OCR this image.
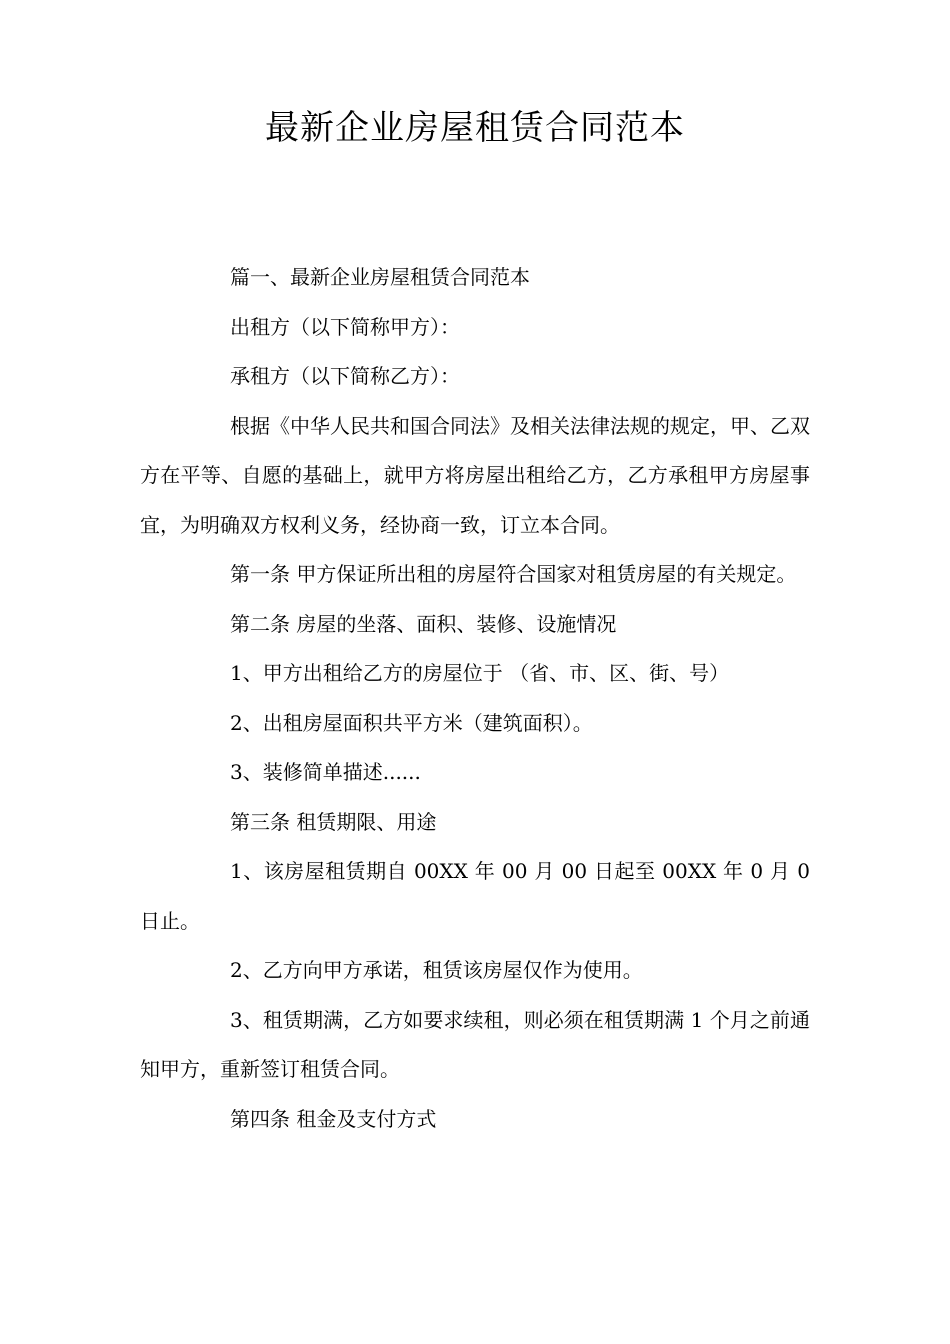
最新企业房屋租赁合同范本

篇一、最新企业房屋租赁合同范本

出租方（以下简称甲方）：

承租方（以下简称乙方）：

根据《中华人民共和国合同法》及相关法律法规的规定，甲、乙双方在平等、自愿的基础上，就甲方将房屋出租给乙方，乙方承租甲方房屋事宜，为明确双方权利义务，经协商一致，订立本合同。

第一条 甲方保证所出租的房屋符合国家对租赁房屋的有关规定。

第二条 房屋的坐落、面积、装修、设施情况

1、甲方出租给乙方的房屋位于 （省、市、区、街、号）

2、出租房屋面积共平方米（建筑面积）。

3、装修简单描述......

第三条 租赁期限、用途

1、该房屋租赁期自 00XX 年 00 月 00 日起至 00XX 年 0 月 0 日止。

2、乙方向甲方承诺，租赁该房屋仅作为使用。

3、租赁期满，乙方如要求续租，则必须在租赁期满 1 个月之前通知甲方，重新签订租赁合同。

第四条 租金及支付方式
